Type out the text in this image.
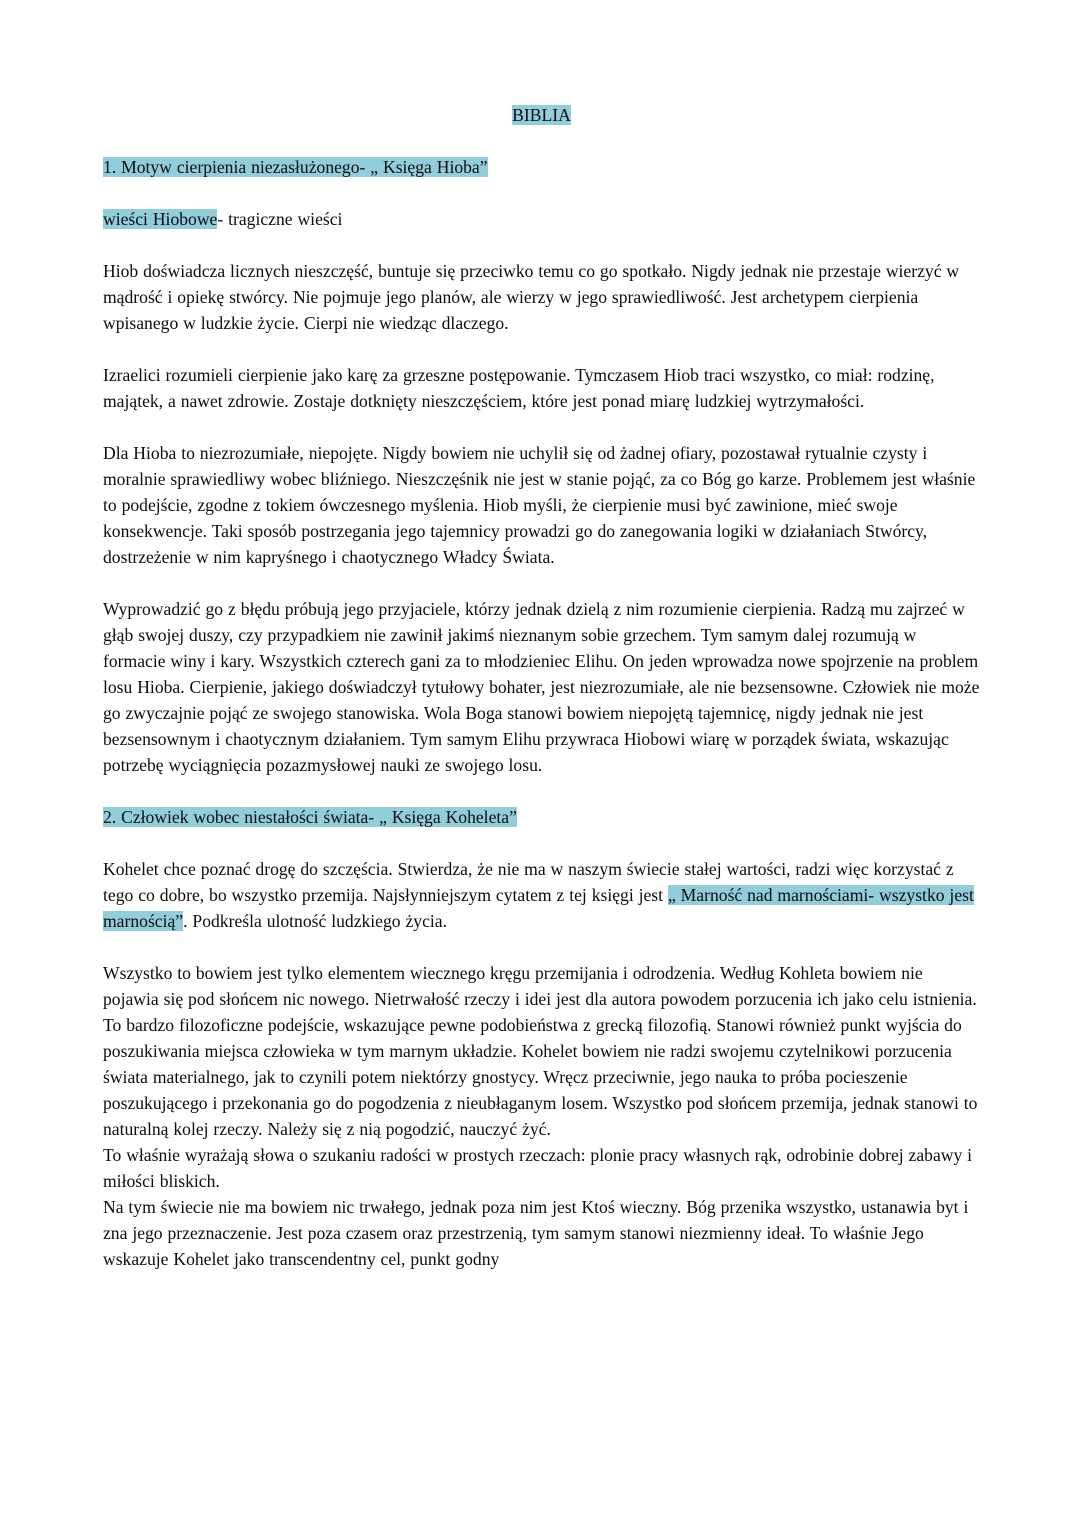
BIBLIA

1. Motyw cierpienia niezasłużonego- „ Księga Hioba”

wieści Hiobowe- tragiczne wieści

Hiob doświadcza licznych nieszczęść, buntuje się przeciwko temu co go spotkało. Nigdy jednak nie przestaje wierzyć w mądrość i opiekę stwórcy. Nie pojmuje jego planów, ale wierzy w jego sprawiedliwość. Jest archetypem cierpienia wpisanego w ludzkie życie. Cierpi nie wiedząc dlaczego.

Izraelici rozumieli cierpienie jako karę za grzeszne postępowanie. Tymczasem Hiob traci wszystko, co miał: rodzinę, majątek, a nawet zdrowie. Zostaje dotknięty nieszczęściem, które jest ponad miarę ludzkiej wytrzymałości.

Dla Hioba to niezrozumiałe, niepojęte. Nigdy bowiem nie uchylił się od żadnej ofiary, pozostawał rytualnie czysty i moralnie sprawiedliwy wobec bliźniego. Nieszczęśnik nie jest w stanie pojąć, za co Bóg go karze. Problemem jest właśnie to podejście, zgodne z tokiem ówczesnego myślenia. Hiob myśli, że cierpienie musi być zawinione, mieć swoje konsekwencje. Taki sposób postrzegania jego tajemnicy prowadzi go do zanegowania logiki w działaniach Stwórcy, dostrzeżenie w nim kapryśnego i chaotycznego Władcy Świata.

Wyprowadzić go z błędu próbują jego przyjaciele, którzy jednak dzielą z nim rozumienie cierpienia. Radzą mu zajrzeć w głąb swojej duszy, czy przypadkiem nie zawinił jakimś nieznanym sobie grzechem. Tym samym dalej rozumują w formacie winy i kary. Wszystkich czterech gani za to młodzieniec Elihu. On jeden wprowadza nowe spojrzenie na problem losu Hioba. Cierpienie, jakiego doświadczył tytułowy bohater, jest niezrozumiałe, ale nie bezsensowne. Człowiek nie może go zwyczajnie pojąć ze swojego stanowiska. Wola Boga stanowi bowiem niepojętą tajemnicę, nigdy jednak nie jest bezsensownym i chaotycznym działaniem. Tym samym Elihu przywraca Hiobowi wiarę w porządek świata, wskazując potrzebę wyciągnięcia pozazmysłowej nauki ze swojego losu.

2. Człowiek wobec niestałości świata- „ Księga Koheleta”

Kohelet chce poznać drogę do szczęścia. Stwierdza, że nie ma w naszym świecie stałej wartości, radzi więc korzystać z tego co dobre, bo wszystko przemija. Najsłynniejszym cytatem z tej księgi jest „ Marność nad marnościami- wszystko jest marnością”. Podkreśla ulotność ludzkiego życia.

Wszystko to bowiem jest tylko elementem wiecznego kręgu przemijania i odrodzenia. Według Kohleta bowiem nie pojawia się pod słońcem nic nowego. Nietrwałość rzeczy i idei jest dla autora powodem porzucenia ich jako celu istnienia. To bardzo filozoficzne podejście, wskazujące pewne podobieństwa z grecką filozofią. Stanowi również punkt wyjścia do poszukiwania miejsca człowieka w tym marnym układzie. Kohelet bowiem nie radzi swojemu czytelnikowi porzucenia świata materialnego, jak to czynili potem niektórzy gnostycy. Wręcz przeciwnie, jego nauka to próba pocieszenie poszukującego i przekonania go do pogodzenia z nieubłaganym losem. Wszystko pod słońcem przemija, jednak stanowi to naturalną kolej rzeczy. Należy się z nią pogodzić, nauczyć żyć.

To właśnie wyrażają słowa o szukaniu radości w prostych rzeczach: plonie pracy własnych rąk, odrobinie dobrej zabawy i miłości bliskich.

Na tym świecie nie ma bowiem nic trwałego, jednak poza nim jest Ktoś wieczny. Bóg przenika wszystko, ustanawia byt i zna jego przeznaczenie. Jest poza czasem oraz przestrzenią, tym samym stanowi niezmienny ideał. To właśnie Jego wskazuje Kohelet jako transcendentny cel, punkt godny
